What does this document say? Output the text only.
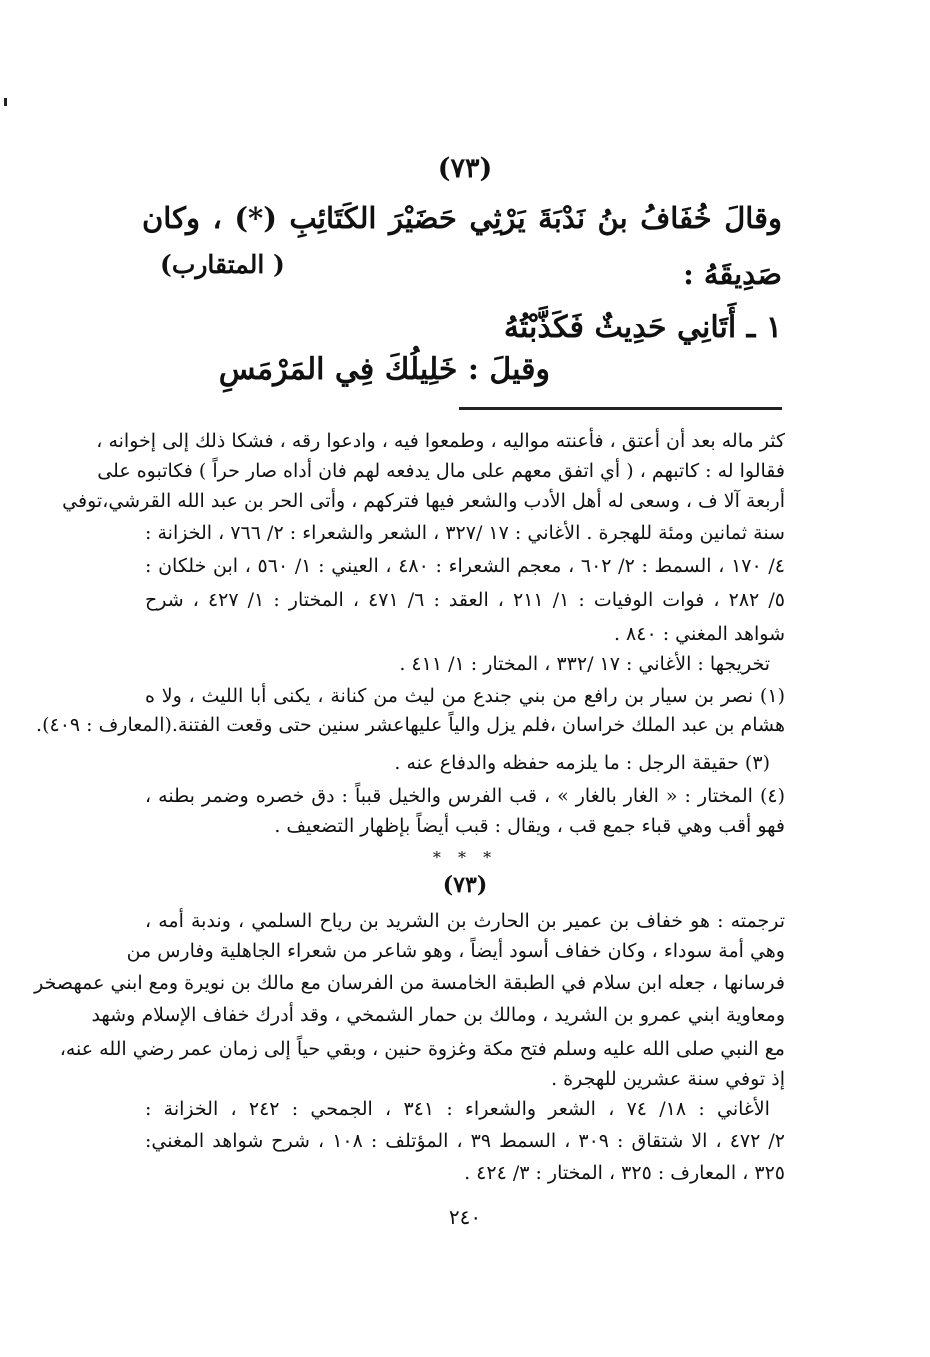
(٧٣)
وقالَ خُفَافُ بنُ نَدْبَةَ يَرْثِي حَضَيْرَ الكَتَائِبِ (*) ، وكان
صَدِيقَهُ :
( المتقارب)
١ ـ أَتَانِي حَدِيثٌ فَكَذَّبْتُهُ
وقيلَ : خَلِيلُكَ فِي المَرْمَسِ
كثر ماله بعد أن أعتق ، فأعنته مواليه ، وطمعوا فيه ، وادعوا رقه ، فشكا ذلك إلى إخوانه ،
فقالوا له : كاتبهم ، ( أي اتفق معهم على مال يدفعه لهم فان أداه صار حراً ) فكاتبوه على
أربعة آلا ف ، وسعى له أهل الأدب والشعر فيها فتركهم ، وأتى الحر بن عبد الله القرشي،توفي
سنة ثمانين ومئة للهجرة . الأغاني : ١٧ /٣٢٧ ، الشعر والشعراء : ٢/ ٧٦٦ ، الخزانة :
٤/ ١٧٠ ، السمط : ٢/ ٦٠٢ ، معجم الشعراء : ٤٨٠ ، العيني : ١/ ٥٦٠ ، ابن خلكان :
٥/ ٢٨٢ ، فوات الوفيات : ١/ ٢١١ ، العقد : ٦/ ٤٧١ ، المختار : ١/ ٤٢٧ ، شرح
شواهد المغني : ٨٤٠ .
تخريجها : الأغاني : ١٧ /٣٣٢ ، المختار : ١/ ٤١١ .
(١) نصر بن سيار بن رافع من بني جندع من ليث من كنانة ، يكنى أبا الليث ، ولا ه
هشام بن عبد الملك خراسان ،فلم يزل والياً عليهاعشر سنين حتى وقعت الفتنة.(المعارف : ٤٠٩).
(٣) حقيقة الرجل : ما يلزمه حفظه والدفاع عنه .
(٤) المختار : « الغار بالغار » ، قب الفرس والخيل قبباً : دق خصره وضمر بطنه ،
فهو أقب وهي قباء جمع قب ، ويقال : قبب أيضاً بإظهار التضعيف .
* * *
(٧٣)
ترجمته : هو خفاف بن عمير بن الحارث بن الشريد بن رياح السلمي ، وندبة أمه ،
وهي أمة سوداء ، وكان خفاف أسود أيضاً ، وهو شاعر من شعراء الجاهلية وفارس من
فرسانها ، جعله ابن سلام في الطبقة الخامسة من الفرسان مع مالك بن نويرة ومع ابني عمهصخر
ومعاوية ابني عمرو بن الشريد ، ومالك بن حمار الشمخي ، وقد أدرك خفاف الإسلام وشهد
مع النبي صلى الله عليه وسلم فتح مكة وغزوة حنين ، وبقي حياً إلى زمان عمر رضي الله عنه،
إذ توفي سنة عشرين للهجرة .
الأغاني : ١٨/ ٧٤ ، الشعر والشعراء : ٣٤١ ، الجمحي : ٢٤٢ ، الخزانة :
٢/ ٤٧٢ ، الا شتقاق : ٣٠٩ ، السمط ٣٩ ، المؤتلف : ١٠٨ ، شرح شواهد المغني:
٣٢٥ ، المعارف : ٣٢٥ ، المختار : ٣/ ٤٢٤ .
٢٤٠
